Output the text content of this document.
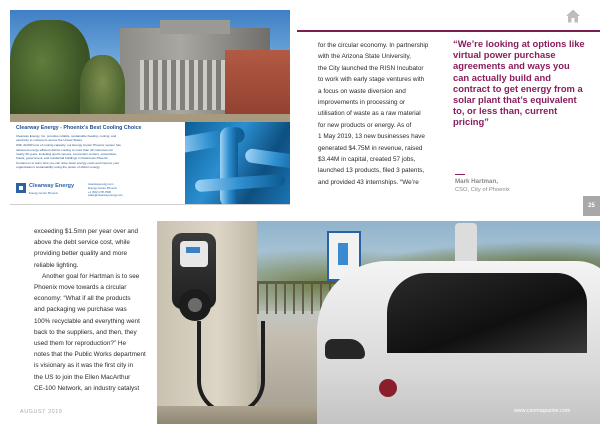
Clearway Energy - Phoenix's Best Cooling Choice
Clearway Energy, Inc. provides reliable, sustainable heating, cooling, and
electricity to customers across the United States.
With 40,000 tons of cooling capacity, our Energy Center Phoenix system has
delivered energy-efficient district cooling to more than 40 customers for
nearly 30 years, including sports venues, convention centers, universities,
hotels, government, and residential buildings in Downtown Phoenix.
Contact us to learn how you can drive down energy costs and improve your
organization's sustainability using the power of district energy.
Clearway Energy
Energy Center Phoenix
clearwayenergy.com
Energy Center Phoenix
+1 (602) 278-7900
sales@clearwayenergy.com
for the circular economy. In partnership
with the Arizona State University,
the City launched the RISN Incubator
to work with early stage ventures with
a focus on waste diversion and
improvements in processing or
utilisation of waste as a raw material
for new products or energy. As of
1 May 2019, 13 new businesses have
generated $4.75M in revenue, raised
$3.44M in capital, created 57 jobs,
launched 13 products, filed 3 patents,
and provided 43 internships. “We’re
“We’re looking at options like virtual power purchase agreements and ways you can actually build and contract to get energy from a solar plant that’s equivalent to, or less than, current pricing”
Mark Hartman,
CSO, City of Phoenix
25
exceeding $1.5mn per year over and
above the debt service cost, while
providing better quality and more
reliable lighting.
Another goal for Hartman is to see
Phoenix move towards a circular
economy: “What if all the products
and packaging we purchase was
100% recyclable and everything went
back to the suppliers, and then, they
used them for reproduction?” He
notes that the Public Works department
is visionary as it was the first city in
the US to join the Ellen MacArthur
CE-100 Network, an industry catalyst
AUGUST 2019	www.csomagazine.com
